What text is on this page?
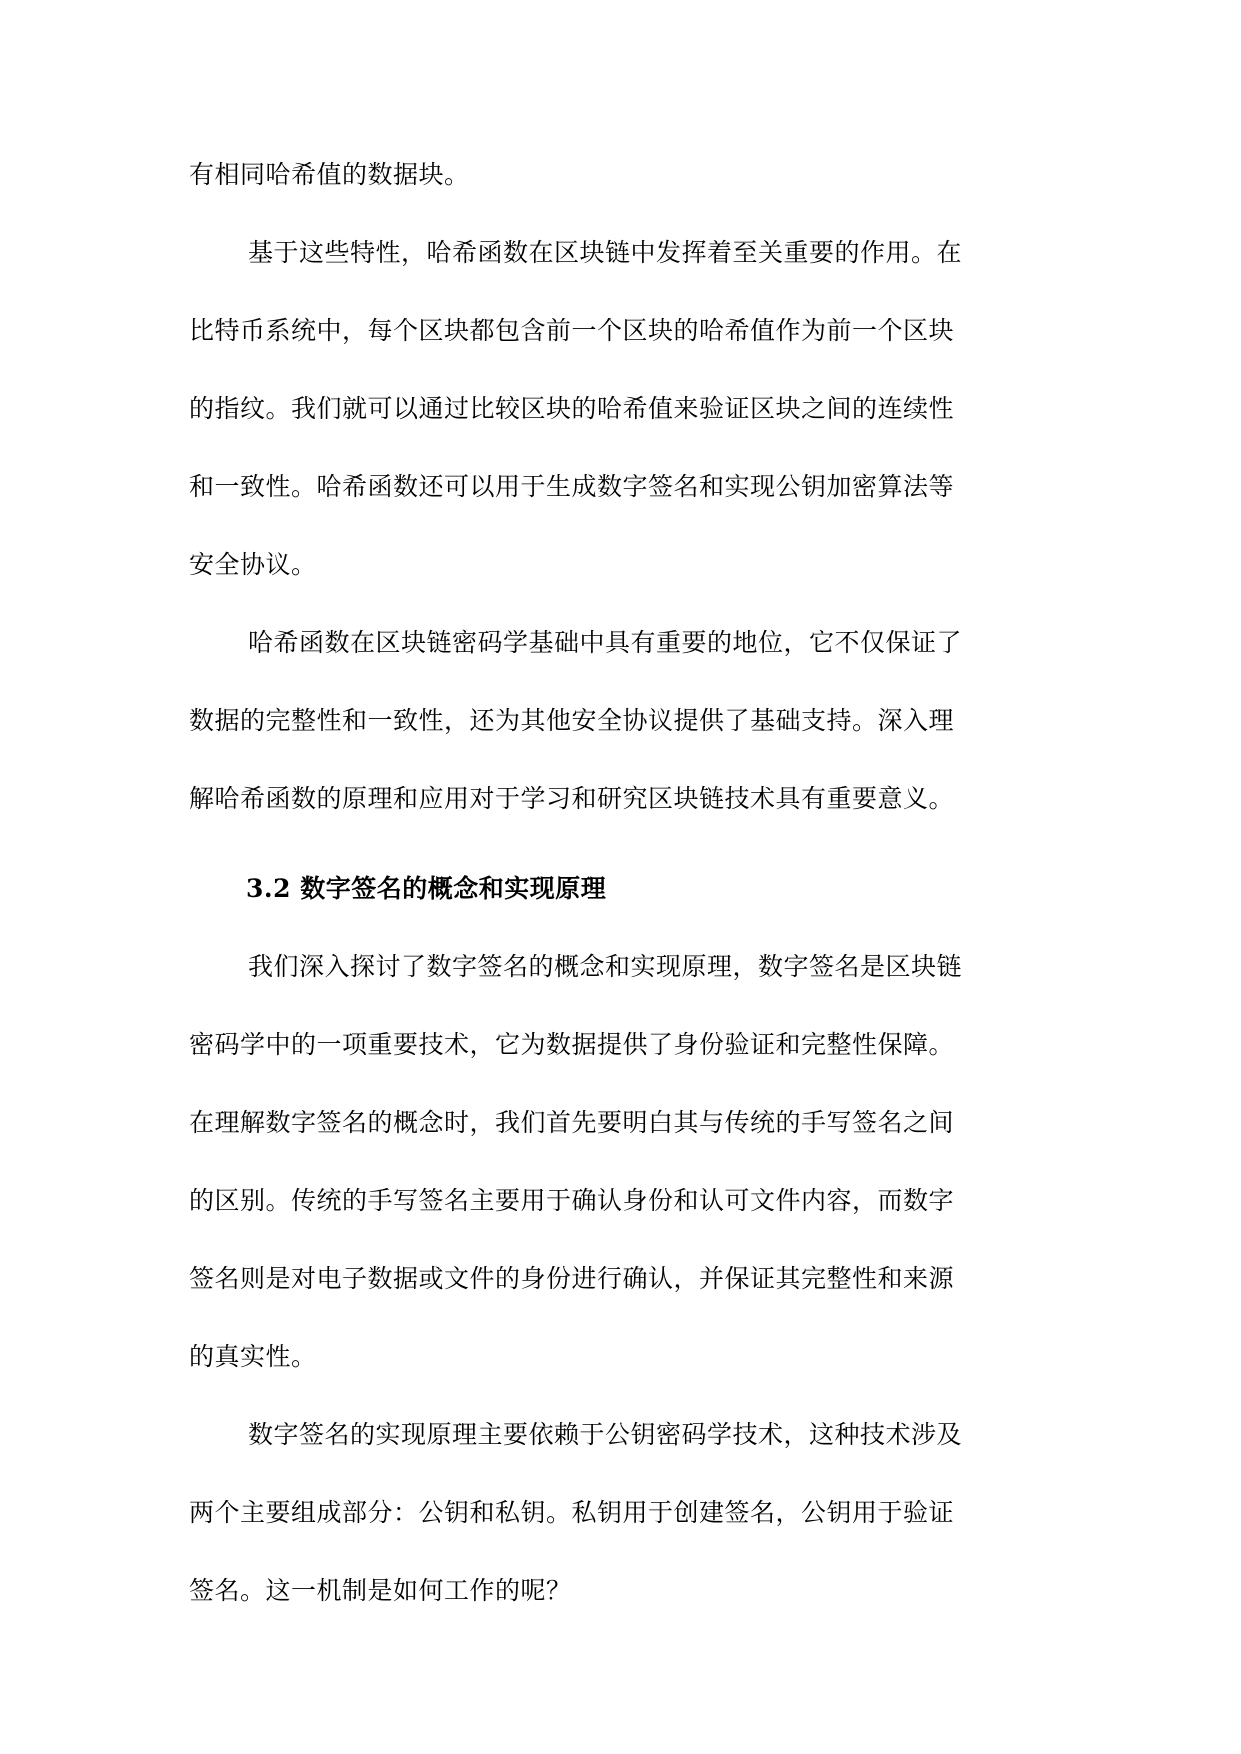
有相同哈希值的数据块。
基于这些特性，哈希函数在区块链中发挥着至关重要的作用。在
比特币系统中，每个区块都包含前一个区块的哈希值作为前一个区块
的指纹。我们就可以通过比较区块的哈希值来验证区块之间的连续性
和一致性。哈希函数还可以用于生成数字签名和实现公钥加密算法等
安全协议。
哈希函数在区块链密码学基础中具有重要的地位，它不仅保证了
数据的完整性和一致性，还为其他安全协议提供了基础支持。深入理
解哈希函数的原理和应用对于学习和研究区块链技术具有重要意义。
3.2 数字签名的概念和实现原理
我们深入探讨了数字签名的概念和实现原理，数字签名是区块链
密码学中的一项重要技术，它为数据提供了身份验证和完整性保障。
在理解数字签名的概念时，我们首先要明白其与传统的手写签名之间
的区别。传统的手写签名主要用于确认身份和认可文件内容，而数字
签名则是对电子数据或文件的身份进行确认，并保证其完整性和来源
的真实性。
数字签名的实现原理主要依赖于公钥密码学技术，这种技术涉及
两个主要组成部分：公钥和私钥。私钥用于创建签名，公钥用于验证
签名。这一机制是如何工作的呢？
